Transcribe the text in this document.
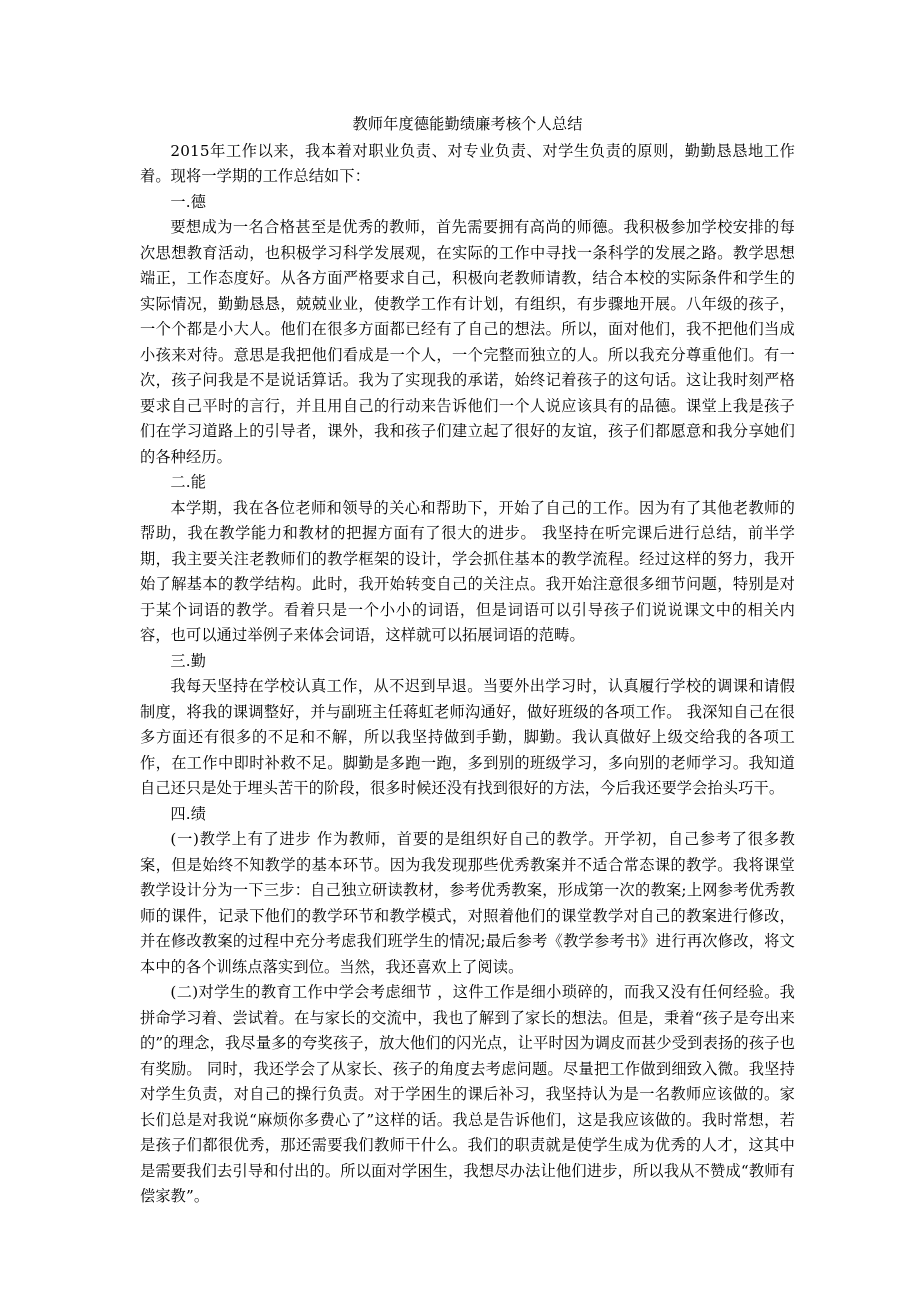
教师年度德能勤绩廉考核个人总结

2015年工作以来，我本着对职业负责、对专业负责、对学生负责的原则，勤勤恳恳地工作着。现将一学期的工作总结如下：

一.德

要想成为一名合格甚至是优秀的教师，首先需要拥有高尚的师德。我积极参加学校安排的每次思想教育活动，也积极学习科学发展观，在实际的工作中寻找一条科学的发展之路。教学思想端正，工作态度好。从各方面严格要求自己，积极向老教师请教，结合本校的实际条件和学生的实际情况，勤勤恳恳，兢兢业业，使教学工作有计划，有组织，有步骤地开展。八年级的孩子，一个个都是小大人。他们在很多方面都已经有了自己的想法。所以，面对他们，我不把他们当成小孩来对待。意思是我把他们看成是一个人，一个完整而独立的人。所以我充分尊重他们。有一次，孩子问我是不是说话算话。我为了实现我的承诺，始终记着孩子的这句话。这让我时刻严格要求自己平时的言行，并且用自己的行动来告诉他们一个人说应该具有的品德。课堂上我是孩子们在学习道路上的引导者，课外，我和孩子们建立起了很好的友谊，孩子们都愿意和我分享她们的各种经历。

二.能

本学期，我在各位老师和领导的关心和帮助下，开始了自己的工作。因为有了其他老教师的帮助，我在教学能力和教材的把握方面有了很大的进步。 我坚持在听完课后进行总结，前半学期，我主要关注老教师们的教学框架的设计，学会抓住基本的教学流程。经过这样的努力，我开始了解基本的教学结构。此时，我开始转变自己的关注点。我开始注意很多细节问题，特别是对于某个词语的教学。看着只是一个小小的词语，但是词语可以引导孩子们说说课文中的相关内容，也可以通过举例子来体会词语，这样就可以拓展词语的范畴。

三.勤

我每天坚持在学校认真工作，从不迟到早退。当要外出学习时，认真履行学校的调课和请假制度，将我的课调整好，并与副班主任蒋虹老师沟通好，做好班级的各项工作。 我深知自己在很多方面还有很多的不足和不解，所以我坚持做到手勤，脚勤。我认真做好上级交给我的各项工作，在工作中即时补救不足。脚勤是多跑一跑，多到别的班级学习，多向别的老师学习。我知道自己还只是处于埋头苦干的阶段，很多时候还没有找到很好的方法，今后我还要学会抬头巧干。

四.绩

(一)教学上有了进步 作为教师，首要的是组织好自己的教学。开学初，自己参考了很多教案，但是始终不知教学的基本环节。因为我发现那些优秀教案并不适合常态课的教学。我将课堂教学设计分为一下三步：自己独立研读教材，参考优秀教案，形成第一次的教案;上网参考优秀教师的课件，记录下他们的教学环节和教学模式，对照着他们的课堂教学对自己的教案进行修改，并在修改教案的过程中充分考虑我们班学生的情况;最后参考《教学参考书》进行再次修改，将文本中的各个训练点落实到位。当然，我还喜欢上了阅读。

(二)对学生的教育工作中学会考虑细节 ，这件工作是细小琐碎的，而我又没有任何经验。我拼命学习着、尝试着。在与家长的交流中，我也了解到了家长的想法。但是，秉着“孩子是夸出来的”的理念，我尽量多的夸奖孩子，放大他们的闪光点，让平时因为调皮而甚少受到表扬的孩子也有奖励。 同时，我还学会了从家长、孩子的角度去考虑问题。尽量把工作做到细致入微。我坚持对学生负责，对自己的操行负责。对于学困生的课后补习，我坚持认为是一名教师应该做的。家长们总是对我说“麻烦你多费心了”这样的话。我总是告诉他们，这是我应该做的。我时常想，若是孩子们都很优秀，那还需要我们教师干什么。我们的职责就是使学生成为优秀的人才，这其中是需要我们去引导和付出的。所以面对学困生，我想尽办法让他们进步，所以我从不赞成“教师有偿家教”。
